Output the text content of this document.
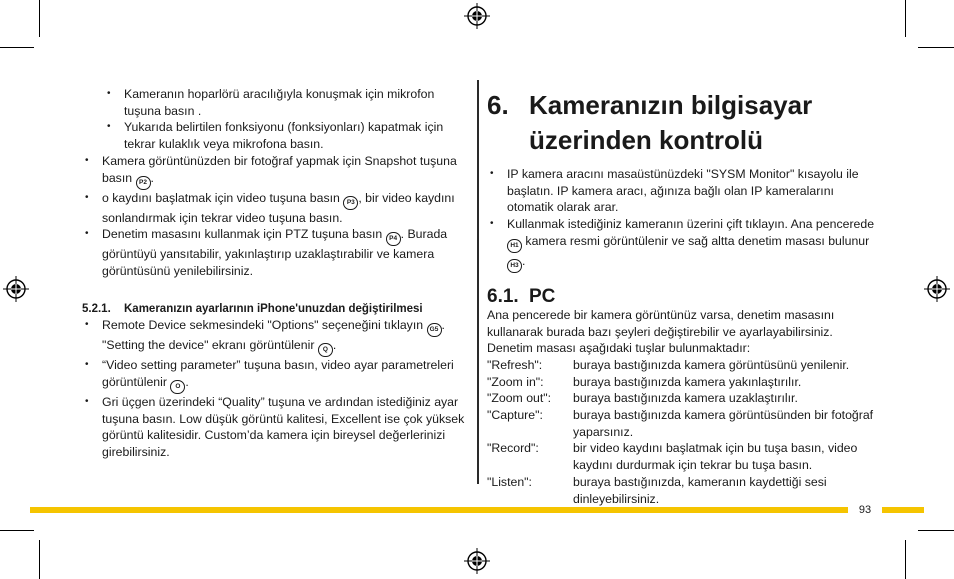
• Kameranın hoparlörü aracılığıyla konuşmak için mikrofon tuşuna basın .
• Yukarıda belirtilen fonksiyonu (fonksiyonları) kapatmak için tekrar kulaklık veya mikrofona basın.
• Kamera görüntünüzden bir fotoğraf yapmak için Snapshot tuşuna basın P2 .
• o kaydını başlatmak için video tuşuna basın P3 , bir video kaydını sonlandırmak için tekrar video tuşuna basın.
• Denetim masasını kullanmak için PTZ tuşuna basın P4 . Burada görüntüyü yansıtabilir, yakınlaştırıp uzaklaştırabilir ve kamera görüntüsünü yenilebilirsiniz.
5.2.1. Kameranızın ayarlarının iPhone'unuzdan değiştirilmesi
• Remote Device sekmesindeki "Options" seçeneğini tıklayın G5 . "Setting the device" ekranı görüntülenir Q .
• “Video setting parameter” tuşuna basın, video ayar parametreleri görüntülenir O .
• Gri üçgen üzerindeki “Quality” tuşuna ve ardından istediğiniz ayar tuşuna basın. Low düşük görüntü kalitesi, Excellent ise çok yüksek görüntü kalitesidir. Custom’da kamera için bireysel değerlerinizi girebilirsiniz.
6. Kameranızın bilgisayar üzerinden kontrolü
• IP kamera aracını masaüstünüzdeki "SYSM Monitor" kısayolu ile başlatın. IP kamera aracı, ağınıza bağlı olan IP kameralarını otomatik olarak arar.
• Kullanmak istediğiniz kameranın üzerini çift tıklayın. Ana pencerede H1 kamera resmi görüntülenir ve sağ altta denetim masası bulunur H3 .
6.1. PC
Ana pencerede bir kamera görüntünüz varsa, denetim masasını kullanarak burada bazı şeyleri değiştirebilir ve ayarlayabilirsiniz. Denetim masası aşağıdaki tuşlar bulunmaktadır:
"Refresh":	buraya bastığınızda kamera görüntüsünü yenilenir.
"Zoom in":	buraya bastığınızda kamera yakınlaştırılır.
"Zoom out":	buraya bastığınızda kamera uzaklaştırılır.
"Capture":	buraya bastığınızda kamera görüntüsünden bir fotoğraf yaparsınız.
"Record":	bir video kaydını başlatmak için bu tuşa basın, video kaydını durdurmak için tekrar bu tuşa basın.
"Listen":	buraya bastığınızda, kameranın kaydettiği sesi dinleyebilirsiniz.
93
